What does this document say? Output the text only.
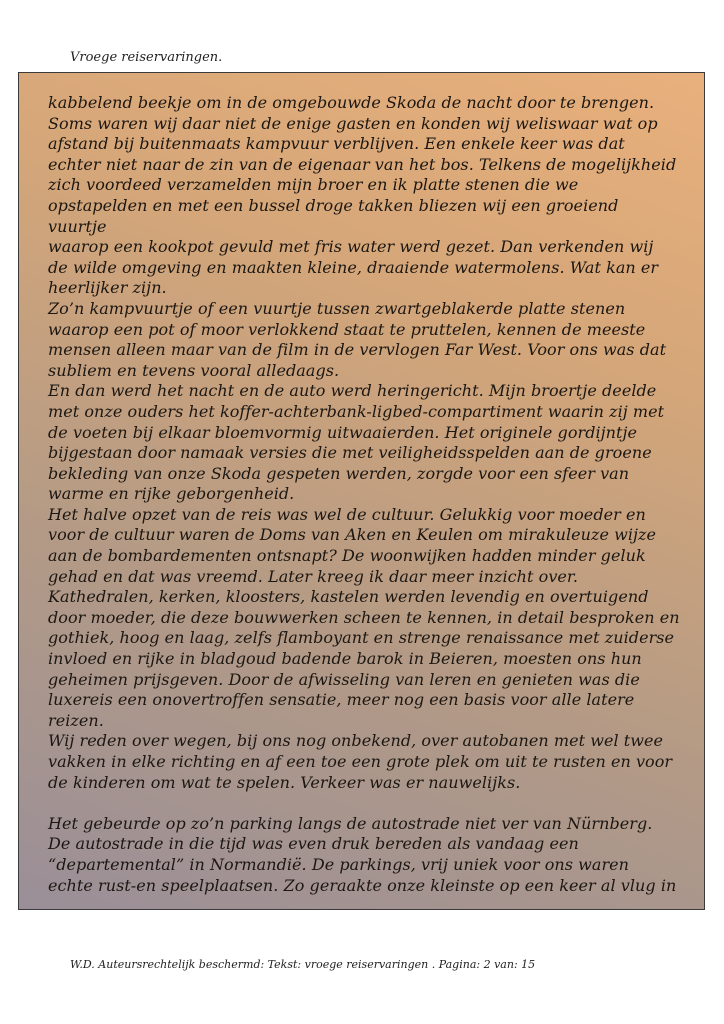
Vroege reiservaringen.

kabbelend beekje om in de omgebouwde Skoda de nacht door te brengen.
Soms waren wij daar niet de enige gasten en konden wij weliswaar wat op
afstand bij buitenmaats kampvuur verblijven. Een enkele keer was dat
echter niet naar de zin van de eigenaar van het bos. Telkens de mogelijkheid
zich voordeed verzamelden mijn broer en ik platte stenen die we
opstapelden en met een bussel droge takken bliezen wij een groeiend vuurtje
waarop een kookpot gevuld met fris water werd gezet. Dan verkenden wij
de wilde omgeving en maakten kleine, draaiende watermolens. Wat kan er
heerlijker zijn.
Zo’n kampvuurtje of een vuurtje tussen zwartgeblakerde platte stenen
waarop een pot of moor verlokkend staat te pruttelen, kennen de meeste
mensen alleen maar van de film in de vervlogen Far West. Voor ons was dat
subliem en tevens vooral alledaags.
En dan werd het nacht en de auto werd heringericht. Mijn broertje deelde
met onze ouders het koffer-achterbank-ligbed-compartiment waarin zij met
de voeten bij elkaar bloemvormig uitwaaierden. Het originele gordijntje
bijgestaan door namaak versies die met veiligheidsspelden aan de groene
bekleding van onze Skoda gespeten werden, zorgde voor een sfeer van
warme en rijke geborgenheid.
Het halve opzet van de reis was wel de cultuur. Gelukkig voor moeder en
voor de cultuur waren de Doms van Aken en Keulen om mirakuleuze wijze
aan de bombardementen ontsnapt? De woonwijken hadden minder geluk
gehad en dat was vreemd. Later kreeg ik daar meer inzicht over.
Kathedralen, kerken, kloosters, kastelen werden levendig en overtuigend
door moeder, die deze bouwwerken scheen te kennen, in detail besproken en
gothiek, hoog en laag, zelfs flamboyant en strenge renaissance met zuiderse
invloed en rijke in bladgoud badende barok in Beieren, moesten ons hun
geheimen prijsgeven. Door de afwisseling van leren en genieten was die
luxereis een onovertroffen sensatie, meer nog een basis voor alle latere
reizen.
Wij reden over wegen, bij ons nog onbekend, over autobanen met wel twee
vakken in elke richting en af een toe een grote plek om uit te rusten en voor
de kinderen om wat te spelen. Verkeer was er nauwelijks.

Het gebeurde op zo’n parking langs de autostrade niet ver van Nürnberg.
De autostrade in die tijd was even druk bereden als vandaag een
“departemental” in Normandië. De parkings, vrij uniek voor ons waren
echte rust-en speelplaatsen. Zo geraakte onze kleinste op een keer al vlug in

W.D. Auteursrechtelijk beschermd: Tekst: vroege reiservaringen . Pagina: 2 van: 15
